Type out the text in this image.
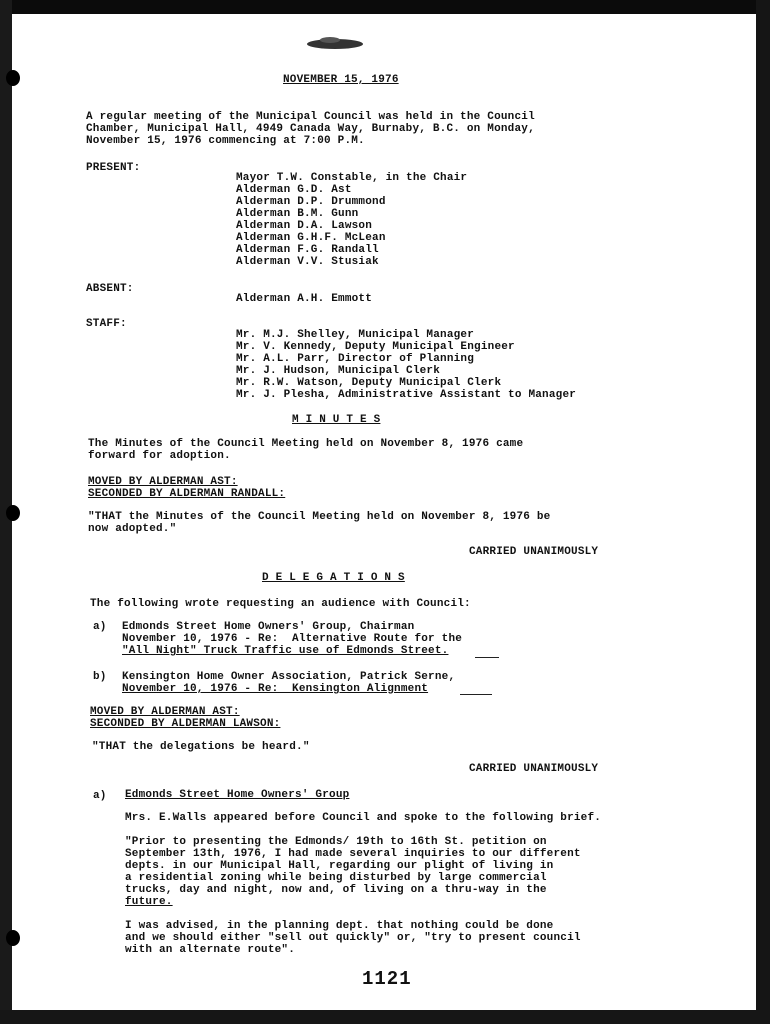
NOVEMBER 15, 1976
A regular meeting of the Municipal Council was held in the Council
Chamber, Municipal Hall, 4949 Canada Way, Burnaby, B.C. on Monday,
November 15, 1976 commencing at 7:00 P.M.
PRESENT:
Mayor T.W. Constable, in the Chair
Alderman G.D. Ast
Alderman D.P. Drummond
Alderman B.M. Gunn
Alderman D.A. Lawson
Alderman G.H.F. McLean
Alderman F.G. Randall
Alderman V.V. Stusiak
ABSENT:
Alderman A.H. Emmott
STAFF:
Mr. M.J. Shelley, Municipal Manager
Mr. V. Kennedy, Deputy Municipal Engineer
Mr. A.L. Parr, Director of Planning
Mr. J. Hudson, Municipal Clerk
Mr. R.W. Watson, Deputy Municipal Clerk
Mr. J. Plesha, Administrative Assistant to Manager
M I N U T E S
The Minutes of the Council Meeting held on November 8, 1976 came
forward for adoption.
MOVED BY ALDERMAN AST:
SECONDED BY ALDERMAN RANDALL:
"THAT the Minutes of the Council Meeting held on November 8, 1976 be
now adopted."
CARRIED UNANIMOUSLY
D E L E G A T I O N S
The following wrote requesting an audience with Council:
a) Edmonds Street Home Owners' Group, Chairman
November 10, 1976 - Re:  Alternative Route for the
"All Night" Truck Traffic use of Edmonds Street.
b) Kensington Home Owner Association, Patrick Serne,
November 10, 1976 - Re:  Kensington Alignment
MOVED BY ALDERMAN AST:
SECONDED BY ALDERMAN LAWSON:
"THAT the delegations be heard."
CARRIED UNANIMOUSLY
a) Edmonds Street Home Owners' Group
Mrs. E.Walls appeared before Council and spoke to the following brief.
"Prior to presenting the Edmonds/ 19th to 16th St. petition on
September 13th, 1976, I had made several inquiries to our different
depts. in our Municipal Hall, regarding our plight of living in
a residential zoning while being disturbed by large commercial
trucks, day and night, now and, of living on a thru-way in the
future.
I was advised, in the planning dept. that nothing could be done
and we should either "sell out quickly" or, "try to present council
with an alternate route".
1121
